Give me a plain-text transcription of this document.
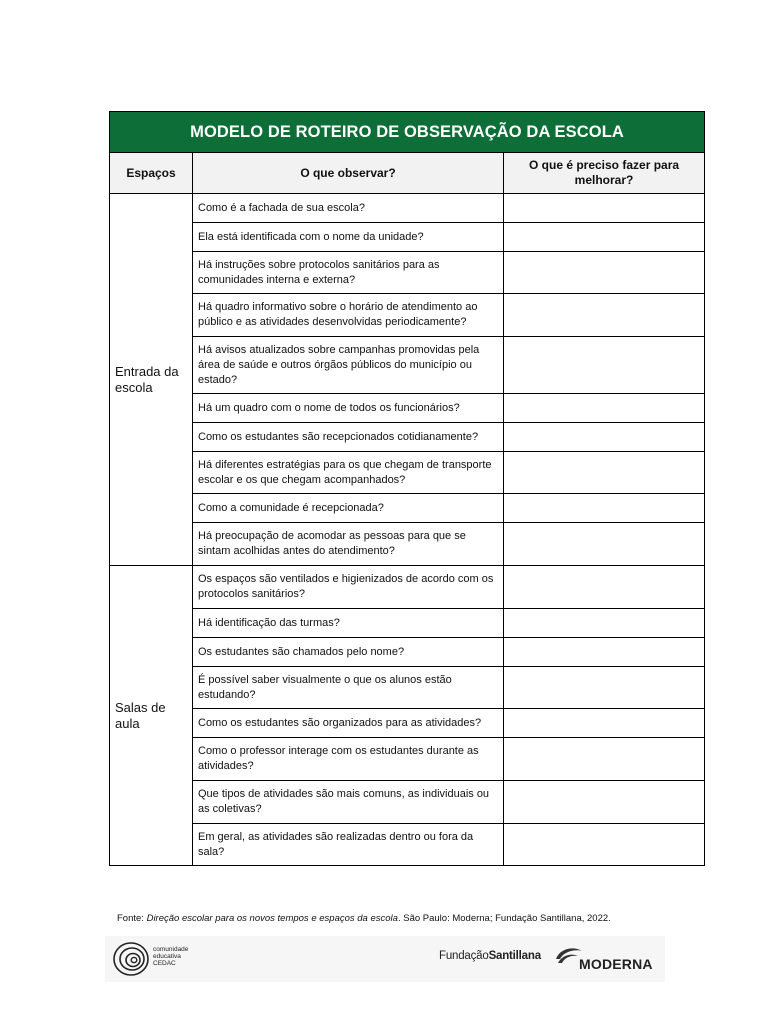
MODELO DE ROTEIRO DE OBSERVAÇÃO DA ESCOLA		
Espaços	O que observar?	O que é preciso fazer para melhorar?
Entrada da escola	Como é a fachada de sua escola?	
	Ela está identificada com o nome da unidade?	
	Há instruções sobre protocolos sanitários para as comunidades interna e externa?	
	Há quadro informativo sobre o horário de atendimento ao público e as atividades desenvolvidas periodicamente?	
	Há avisos atualizados sobre campanhas promovidas pela área de saúde e outros órgãos públicos do município ou estado?	
	Há um quadro com o nome de todos os funcionários?	
	Como os estudantes são recepcionados cotidianamente?	
	Há diferentes estratégias para os que chegam de transporte escolar e os que chegam acompanhados?	
	Como a comunidade é recepcionada?	
	Há preocupação de acomodar as pessoas para que se sintam acolhidas antes do atendimento?	
Salas de aula	Os espaços são ventilados e higienizados de acordo com os protocolos sanitários?	
	Há identificação das turmas?	
	Os estudantes são chamados pelo nome?	
	É possível saber visualmente o que os alunos estão estudando?	
	Como os estudantes são organizados para as atividades?	
	Como o professor interage com os estudantes durante as atividades?	
	Que tipos de atividades são mais comuns, as individuais ou as coletivas?	
	Em geral, as atividades são realizadas dentro ou fora da sala?	
Fonte: Direção escolar para os novos tempos e espaços da escola. São Paulo: Moderna; Fundação Santillana, 2022.
comunidade
educativa
CEDAC
FundaçãoSantillana	MODERNA
